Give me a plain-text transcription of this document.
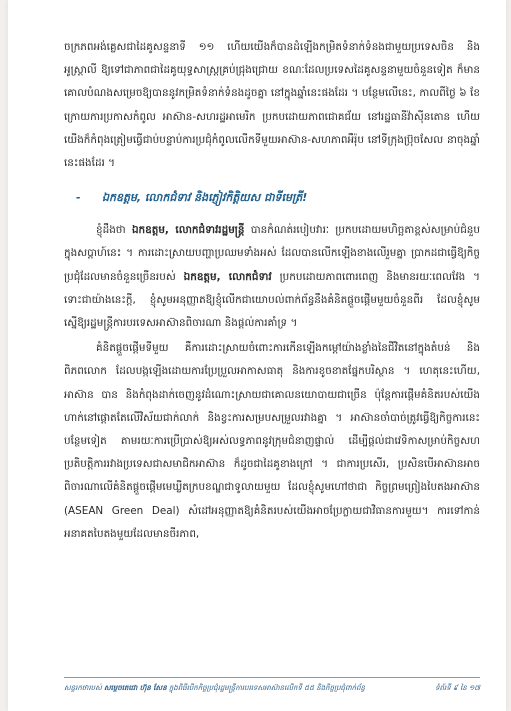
ចក្រភពអង់គ្លេសជាដៃគូសន្ទនាទី ១១ ហើយយើងក៏បានដំឡើងកម្រិតទំនាក់ទំនងជាមួយប្រទេសចិន និងអូស្ត្រាលី ឱ្យទៅជាភាពជាដៃគូយុទ្ធសាស្ត្រគ្រប់ជ្រុងជ្រោយ ខណៈដែលប្រទេសដៃគូសន្ទនាមួយចំនួនទៀត ក៏មានគោលបំណងសម្រេចឱ្យបាននូវកម្រិតទំនាក់ទំនងដូចគ្នា នៅក្នុងឆ្នាំនេះផងដែរ ។ បន្ថែមលើនេះ, កាលពីថ្ងៃ ៦ ខែ ក្រោយការប្រកាសកំពូល អាស៊ាន-សហរដ្ឋអាមេរិក ប្រកបដោយភាពជោគជ័យ នៅរដ្ឋធានីវ៉ាស៊ីនតោន ហើយយើងក៏កំពុងត្រៀមធ្វើជាប់បន្ទាប់ការប្រជុំកំពូលលើកទីមួយអាស៊ាន-សហភាពអឺរ៉ុប នៅទីក្រុងប្រ៊ុចសែល នាចុងឆ្នាំនេះផងដែរ ។

- ឯកឧត្តម, លោកជំទាវ និងភ្ញៀវកិត្តិយស ជាទីមេត្រី!

ខ្ញុំដឹងថា ឯកឧត្តម, លោកជំទាវរដ្ឋមន្ត្រី បានកំណត់របៀបវារៈ ប្រកបដោយមហិច្ឆតាខ្ពស់សម្រាប់ជំនួបក្នុងសប្តាហ៍នេះ ។ ការដោះស្រាយបញ្ហាប្រឈមទាំងអស់ ដែលបានលើកឡើងខាងលើរួមគ្នា ប្រាកដជាធ្វើឱ្យកិច្ចប្រជុំដែលមានចំនួនច្រើនរបស់ ឯកឧត្តម, លោកជំទាវ ប្រកបដោយភាពពោរពេញ និងមានរយៈពេលវែង ។ ទោះជាយ៉ាងនេះក្តី, ខ្ញុំសូមអនុញ្ញាតឱ្យខ្ញុំលើកជាយោបល់ពាក់ព័ន្ធនឹងគំនិតផ្តួចផ្តើមមួយចំនួនពីរ ដែលខ្ញុំសូមស្នើឱ្យរដ្ឋមន្ត្រីការបរទេសអាស៊ានពិចារណា និងផ្តល់ការគាំទ្រ ។

គំនិតផ្តួចផ្តើមទីមួយ គឺការដោះស្រាយចំពោះការកើនឡើងកម្តៅយ៉ាងខ្លាំងនៃជីវិតនៅក្នុងតំបន់ និងពិភពលោក ដែលបង្កឡើងដោយការប្រែប្រួលអាកាសធាតុ និងការខូចខាតផ្នែកបរិស្ថាន ។ ហេតុនេះហើយ, អាស៊ាន បាន និងកំពុងដាក់ចេញនូវដំណោះស្រាយជាគោលនយោបាយជាច្រើន ប៉ុន្តែការផ្តើមគំនិតរបស់យើង ហាក់នៅផ្តោតតែលើវិស័យជាក់លាក់ និងខ្វះការសម្របសម្រួលរវាងគ្នា ។ អាស៊ានចាំបាច់ត្រូវធ្វើឱ្យកិច្ចការនេះបន្ថែមទៀត តាមរយៈការប្រើប្រាស់ឱ្យអស់លទ្ធភាពនូវក្រុមជំនាញផ្ទាល់ ដើម្បីផ្តល់ជាវេទិកាសម្រាប់កិច្ចសហប្រតិបត្តិការរវាងប្រទេសជាសមាជិកអាស៊ាន ក៏ដូចជាដៃគូខាងក្រៅ ។ ជាការប្រសើរ, ប្រសិនបើអាស៊ានអាចពិចារណាលើគំនិតផ្តួចផ្តើមមេឃ្លីតក្របខណ្ឌជាទូលាយមួយ ដែលខ្ញុំសូមហៅថាជា កិច្ចព្រមព្រៀងបៃតងអាស៊ាន (ASEAN Green Deal) សំដៅអនុញ្ញាតឱ្យគំនិតរបស់យើងអាចប្រែក្លាយជាវិធានការមួយ។ ការទៅកាន់អនាគតបៃតងមួយដែលមានចីរភាព,

សន្ទរកថារបស់ សម្តេចតេជោ ហ៊ុន សែន ក្នុងពិធីបើកកិច្ចប្រជុំរដ្ឋមន្ត្រីការបរទេសអាស៊ានលើកទី ៥៥ និងកិច្ចប្រជុំពាក់ព័ន្ធ	ទំព័រទី ៩ នៃ ១៧
